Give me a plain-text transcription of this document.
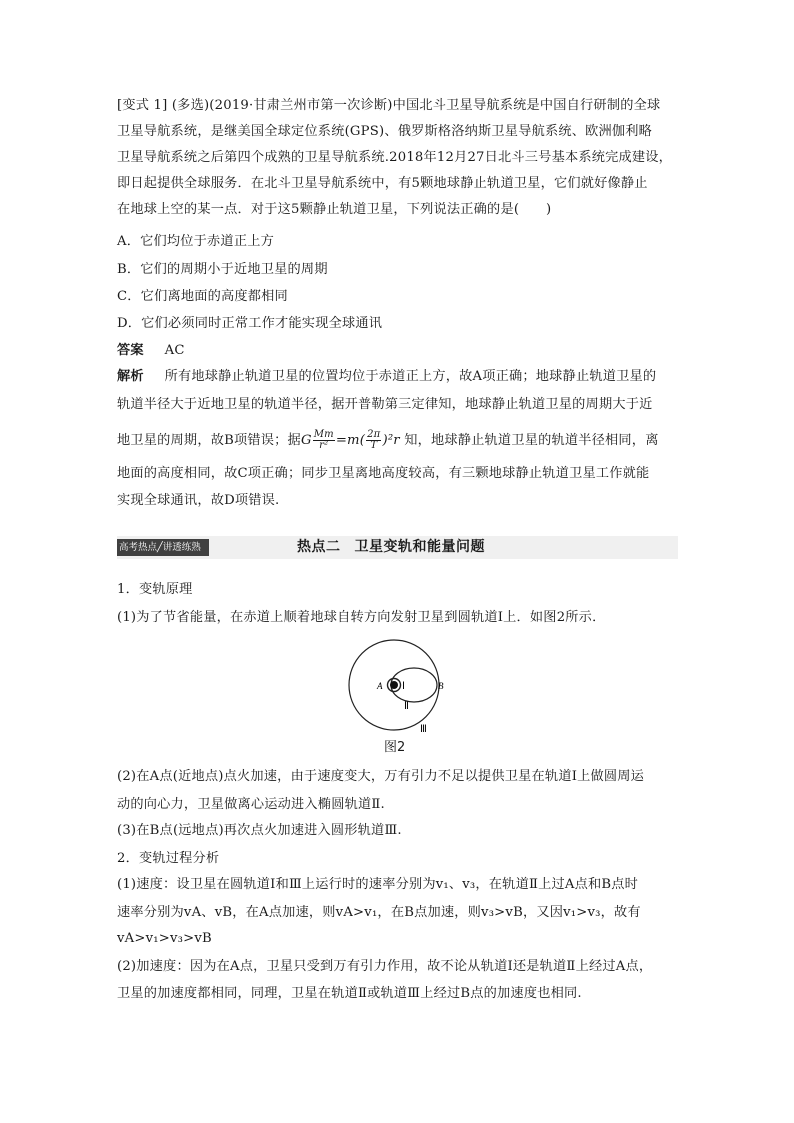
[变式 1] (多选)(2019·甘肃兰州市第一次诊断)中国北斗卫星导航系统是中国自行研制的全球
卫星导航系统，是继美国全球定位系统(GPS)、俄罗斯格洛纳斯卫星导航系统、欧洲伽利略
卫星导航系统之后第四个成熟的卫星导航系统.2018年12月27日北斗三号基本系统完成建设，
即日起提供全球服务．在北斗卫星导航系统中，有5颗地球静止轨道卫星，它们就好像静止
在地球上空的某一点．对于这5颗静止轨道卫星，下列说法正确的是(　　)
A．它们均位于赤道正上方
B．它们的周期小于近地卫星的周期
C．它们离地面的高度都相同
D．它们必须同时正常工作才能实现全球通讯
答案 AC
解析 所有地球静止轨道卫星的位置均位于赤道正上方，故A项正确；地球静止轨道卫星的
轨道半径大于近地卫星的轨道半径，据开普勒第三定律知，地球静止轨道卫星的周期大于近
地卫星的周期，故B项错误；据G $\frac{Mm}{\text{r²}} =m( \frac{2\pi}{T} )^2r$ 知，地球静止轨道卫星的轨道半径相同，离
地面的高度相同，故C项正确；同步卫星离地高度较高，有三颗地球静止轨道卫星工作就能
实现全球通讯，故D项错误.
高考热点╱讲透练熟	热点二 卫星变轨和能量问题
1．变轨原理
(1)为了节省能量，在赤道上顺着地球自转方向发射卫星到圆轨道Ⅰ上．如图2所示．
A	B
Ⅰ
Ⅱ
Ⅲ
图2
(2)在A点(近地点)点火加速，由于速度变大，万有引力不足以提供卫星在轨道Ⅰ上做圆周运
动的向心力，卫星做离心运动进入椭圆轨道Ⅱ.
(3)在B点(远地点)再次点火加速进入圆形轨道Ⅲ.
2．变轨过程分析
(1)速度：设卫星在圆轨道Ⅰ和Ⅲ上运行时的速率分别为v₁、v₃，在轨道Ⅱ上过A点和B点时
速率分别为vA、vB，在A点加速，则vA>v₁，在B点加速，则v₃>vB，又因v₁>v₃，故有
vA>v₁>v₃>vB
(2)加速度：因为在A点，卫星只受到万有引力作用，故不论从轨道Ⅰ还是轨道Ⅱ上经过A点，
卫星的加速度都相同，同理，卫星在轨道Ⅱ或轨道Ⅲ上经过B点的加速度也相同.
